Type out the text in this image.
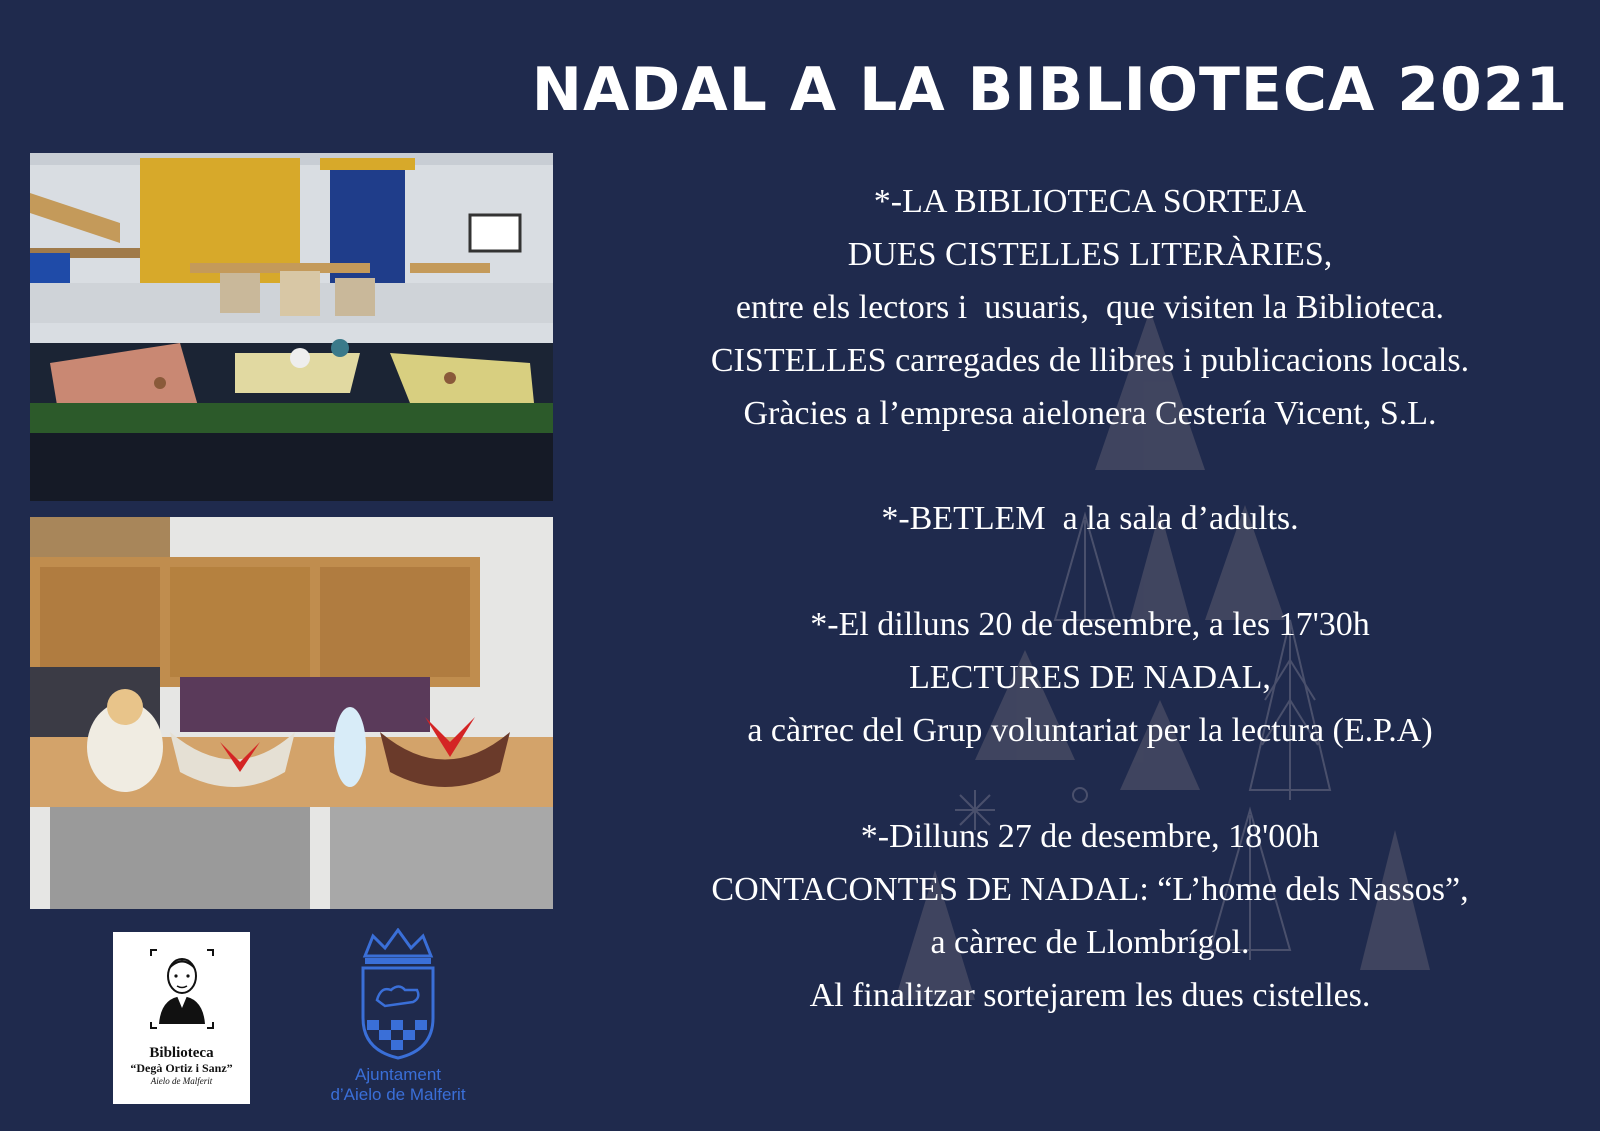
NADAL A LA BIBLIOTECA 2021

*-LA BIBLIOTECA SORTEJA

DUES CISTELLES LITERÀRIES,

entre els lectors i  usuaris,  que visiten la Biblioteca.

CISTELLES carregades de llibres i publicacions locals.

Gràcies a l’empresa aielonera Cestería Vicent, S.L.

*-BETLEM  a la sala d’adults.

*-El dilluns 20 de desembre, a les 17'30h

LECTURES DE NADAL,

a càrrec del Grup voluntariat per la lectura (E.P.A)

*-Dilluns 27 de desembre, 18'00h

CONTACONTES DE NADAL: “L’home dels Nassos”,

a càrrec de Llombrígol.

Al finalitzar sortejarem les dues cistelles.

Biblioteca
“Degà Ortiz i Sanz”
Aielo de Malferit	Ajuntament
d’Aielo de Malferit
